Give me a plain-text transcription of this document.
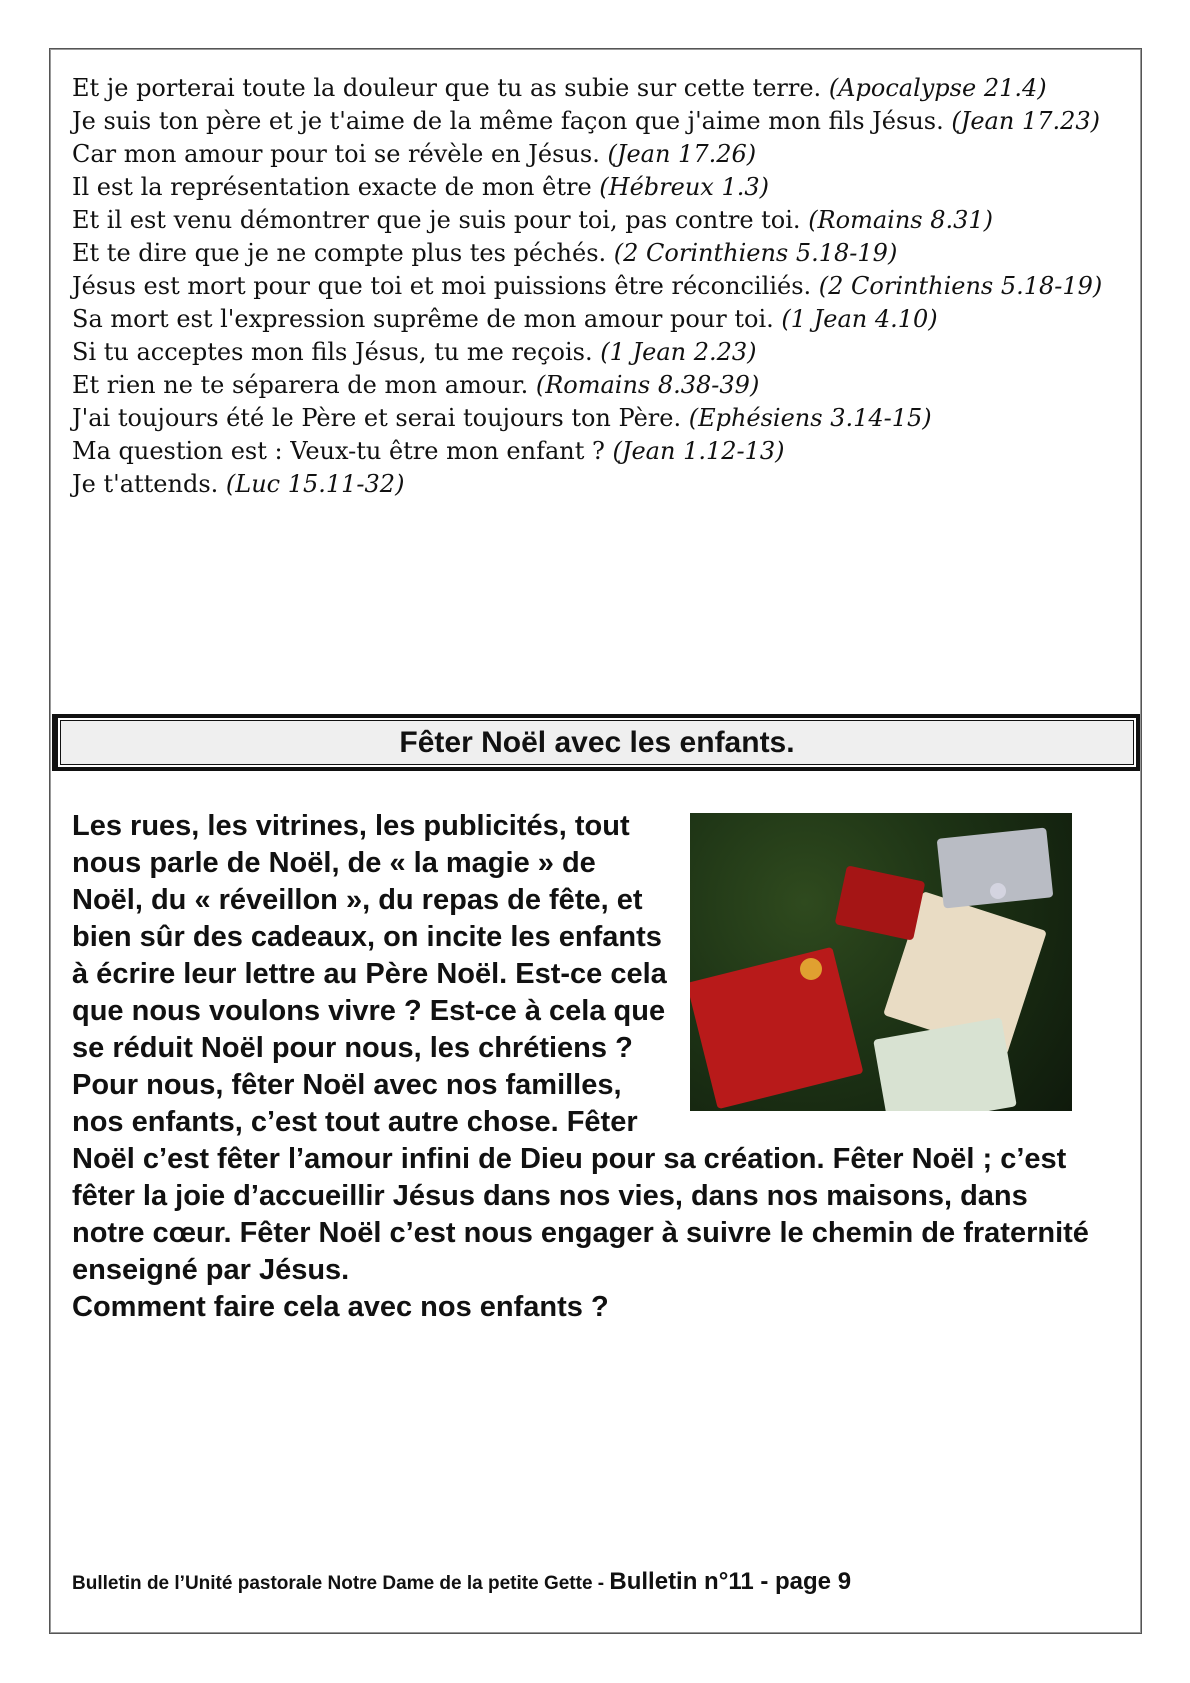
Et je porterai toute la douleur que tu as subie sur cette terre. (Apocalypse 21.4)
Je suis ton père et je t'aime de la même façon que j'aime mon fils Jésus. (Jean 17.23)
Car mon amour pour toi se révèle en Jésus. (Jean 17.26)
Il est la représentation exacte de mon être (Hébreux 1.3)
Et il est venu démontrer que je suis pour toi, pas contre toi. (Romains 8.31)
Et te dire que je ne compte plus tes péchés. (2 Corinthiens 5.18-19)
Jésus est mort pour que toi et moi puissions être réconciliés. (2 Corinthiens 5.18-19)
Sa mort est l'expression suprême de mon amour pour toi. (1 Jean 4.10)
Si tu acceptes mon fils Jésus, tu me reçois. (1 Jean 2.23)
Et rien ne te séparera de mon amour. (Romains 8.38-39)
J'ai toujours été le Père et serai toujours ton Père. (Ephésiens 3.14-15)
Ma question est : Veux-tu être mon enfant ? (Jean 1.12-13)
Je t'attends. (Luc 15.11-32)
Fêter Noël avec les enfants.
Les rues, les vitrines, les publicités, tout nous parle de Noël, de « la magie » de Noël, du « réveillon », du repas de fête, et bien sûr des cadeaux, on incite les enfants à écrire leur lettre au Père Noël. Est-ce cela que nous voulons vivre ? Est-ce à cela que se réduit Noël pour nous, les chrétiens ?
Pour nous, fêter Noël avec nos familles, nos enfants, c’est tout autre chose. Fêter Noël c’est fêter l’amour infini de Dieu pour sa création. Fêter Noël ; c’est fêter la joie d’accueillir Jésus dans nos vies, dans nos maisons, dans notre cœur. Fêter Noël c’est nous engager à suivre le chemin de fraternité enseigné par Jésus.
Comment faire cela avec nos enfants ?
Bulletin de l’Unité pastorale Notre Dame de la petite Gette - Bulletin n°11 - page 9
